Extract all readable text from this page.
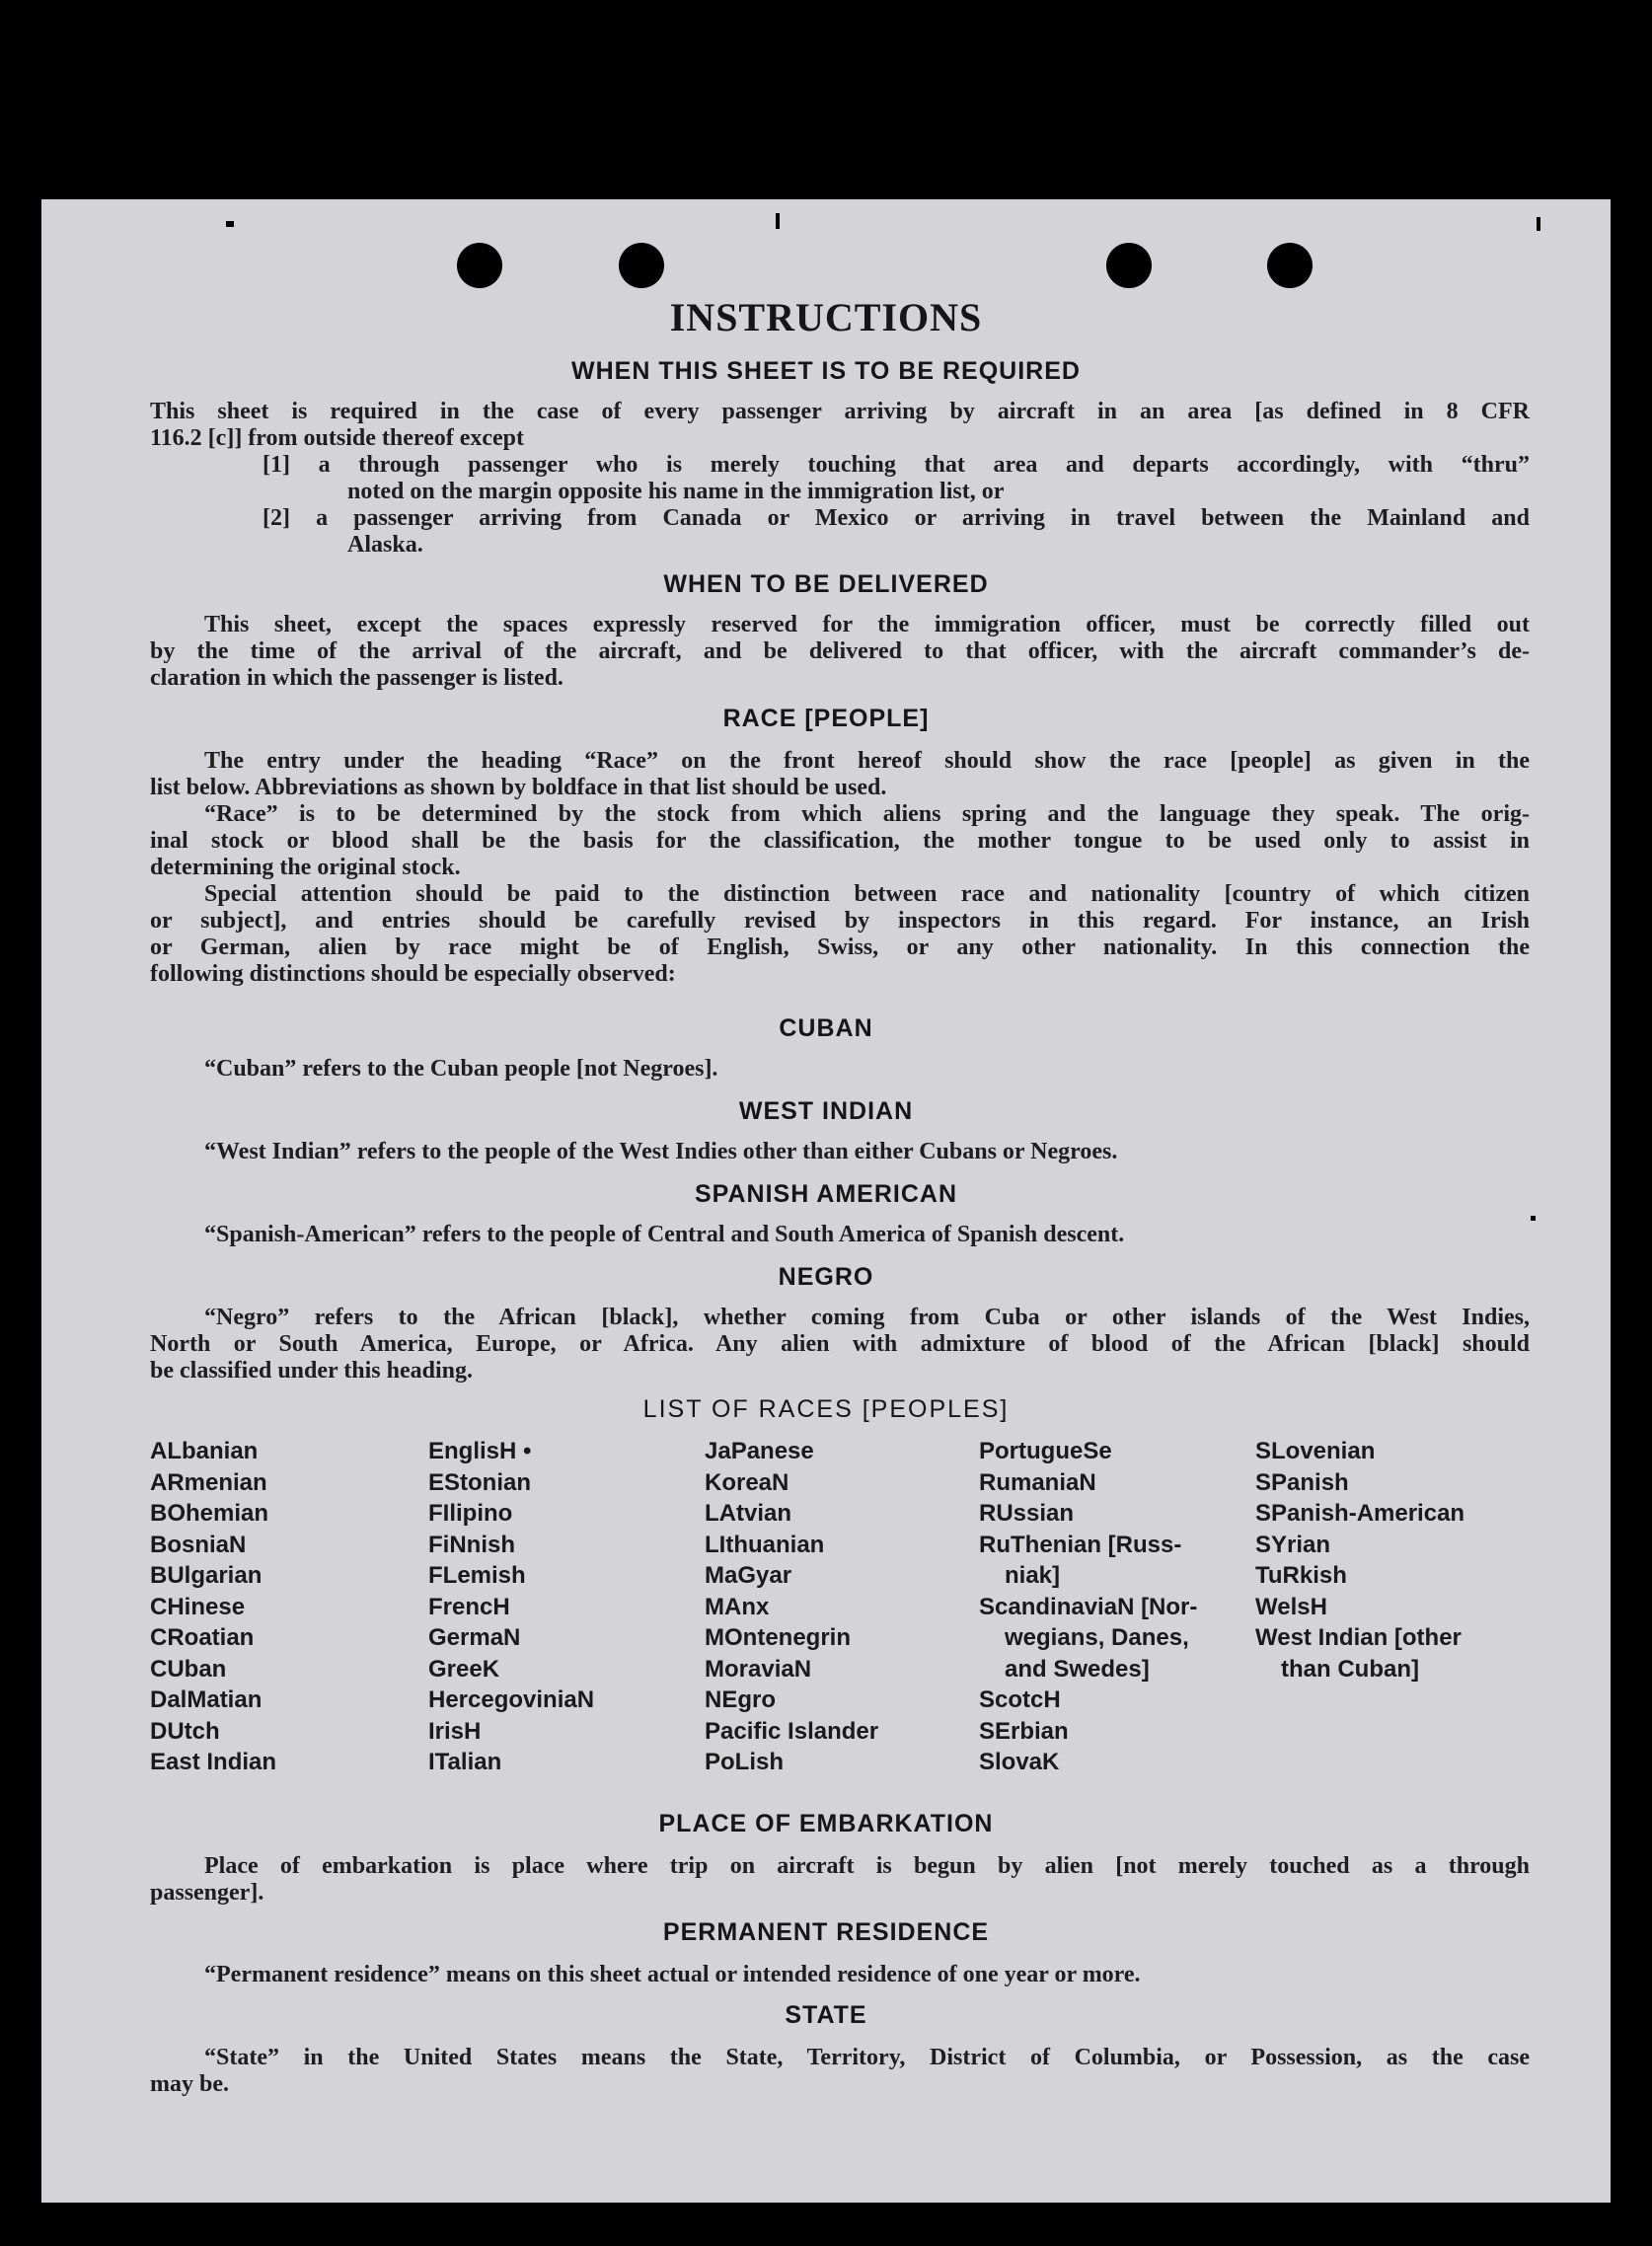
INSTRUCTIONS
WHEN THIS SHEET IS TO BE REQUIRED
This sheet is required in the case of every passenger arriving by aircraft in an area [as defined in 8 CFR
116.2 [c]] from outside thereof except
[1] a through passenger who is merely touching that area and departs accordingly, with “thru”
noted on the margin opposite his name in the immigration list, or
[2] a passenger arriving from Canada or Mexico or arriving in travel between the Mainland and
Alaska.
WHEN TO BE DELIVERED
This sheet, except the spaces expressly reserved for the immigration officer, must be correctly filled out
by the time of the arrival of the aircraft, and be delivered to that officer, with the aircraft commander’s de-
claration in which the passenger is listed.
RACE [PEOPLE]
The entry under the heading “Race” on the front hereof should show the race [people] as given in the
list below. Abbreviations as shown by boldface in that list should be used.
“Race” is to be determined by the stock from which aliens spring and the language they speak. The orig-
inal stock or blood shall be the basis for the classification, the mother tongue to be used only to assist in
determining the original stock.
Special attention should be paid to the distinction between race and nationality [country of which citizen
or subject], and entries should be carefully revised by inspectors in this regard. For instance, an Irish
or German, alien by race might be of English, Swiss, or any other nationality. In this connection the
following distinctions should be especially observed:
CUBAN
“Cuban” refers to the Cuban people [not Negroes].
WEST INDIAN
“West Indian” refers to the people of the West Indies other than either Cubans or Negroes.
SPANISH AMERICAN
“Spanish-American” refers to the people of Central and South America of Spanish descent.
NEGRO
“Negro” refers to the African [black], whether coming from Cuba or other islands of the West Indies,
North or South America, Europe, or Africa. Any alien with admixture of blood of the African [black] should
be classified under this heading.
LIST OF RACES [PEOPLES]
ALbanian
ARmenian
BOhemian
BosniaN
BUlgarian
CHinese
CRoatian
CUban
DalMatian
DUtch
East Indian
EnglisH •
EStonian
FIlipino
FiNnish
FLemish
FrencH
GermaN
GreeK
HercegoviniaN
IrisH
ITalian
JaPanese
KoreaN
LAtvian
LIthuanian
MaGyar
MAnx
MOntenegrin
MoraviaN
NEgro
Pacific Islander
PoLish
PortugueSe
RumaniaN
RUssian
RuThenian [Russ-
niak]
ScandinaviaN [Nor-
wegians, Danes,
and Swedes]
ScotcH
SErbian
SlovaK
SLovenian
SPanish
SPanish-American
SYrian
TuRkish
WelsH
West Indian [other
than Cuban]
PLACE OF EMBARKATION
Place of embarkation is place where trip on aircraft is begun by alien [not merely touched as a through
passenger].
PERMANENT RESIDENCE
“Permanent residence” means on this sheet actual or intended residence of one year or more.
STATE
“State” in the United States means the State, Territory, District of Columbia, or Possession, as the case
may be.
